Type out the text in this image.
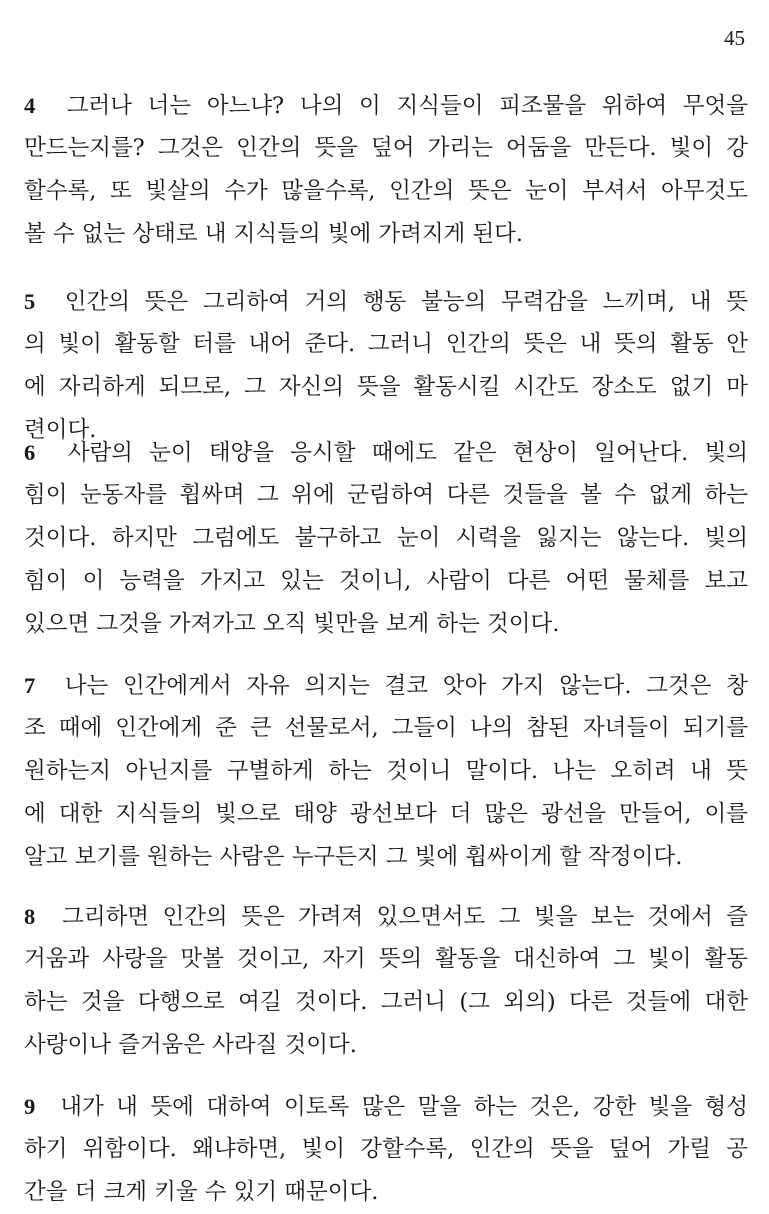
45
4 그러나 너는 아느냐? 나의 이 지식들이 피조물을 위하여 무엇을
만드는지를? 그것은 인간의 뜻을 덮어 가리는 어둠을 만든다. 빛이 강
할수록, 또 빛살의 수가 많을수록, 인간의 뜻은 눈이 부셔서 아무것도
볼 수 없는 상태로 내 지식들의 빛에 가려지게 된다.
5 인간의 뜻은 그리하여 거의 행동 불능의 무력감을 느끼며, 내 뜻
의 빛이 활동할 터를 내어 준다. 그러니 인간의 뜻은 내 뜻의 활동 안
에 자리하게 되므로, 그 자신의 뜻을 활동시킬 시간도 장소도 없기 마
련이다.
6 사람의 눈이 태양을 응시할 때에도 같은 현상이 일어난다. 빛의
힘이 눈동자를 휩싸며 그 위에 군림하여 다른 것들을 볼 수 없게 하는
것이다. 하지만 그럼에도 불구하고 눈이 시력을 잃지는 않는다. 빛의
힘이 이 능력을 가지고 있는 것이니, 사람이 다른 어떤 물체를 보고
있으면 그것을 가져가고 오직 빛만을 보게 하는 것이다.
7 나는 인간에게서 자유 의지는 결코 앗아 가지 않는다. 그것은 창
조 때에 인간에게 준 큰 선물로서, 그들이 나의 참된 자녀들이 되기를
원하는지 아닌지를 구별하게 하는 것이니 말이다. 나는 오히려 내 뜻
에 대한 지식들의 빛으로 태양 광선보다 더 많은 광선을 만들어, 이를
알고 보기를 원하는 사람은 누구든지 그 빛에 휩싸이게 할 작정이다.
8 그리하면 인간의 뜻은 가려져 있으면서도 그 빛을 보는 것에서 즐
거움과 사랑을 맛볼 것이고, 자기 뜻의 활동을 대신하여 그 빛이 활동
하는 것을 다행으로 여길 것이다. 그러니 (그 외의) 다른 것들에 대한
사랑이나 즐거움은 사라질 것이다.
9 내가 내 뜻에 대하여 이토록 많은 말을 하는 것은, 강한 빛을 형성
하기 위함이다. 왜냐하면, 빛이 강할수록, 인간의 뜻을 덮어 가릴 공
간을 더 크게 키울 수 있기 때문이다.
